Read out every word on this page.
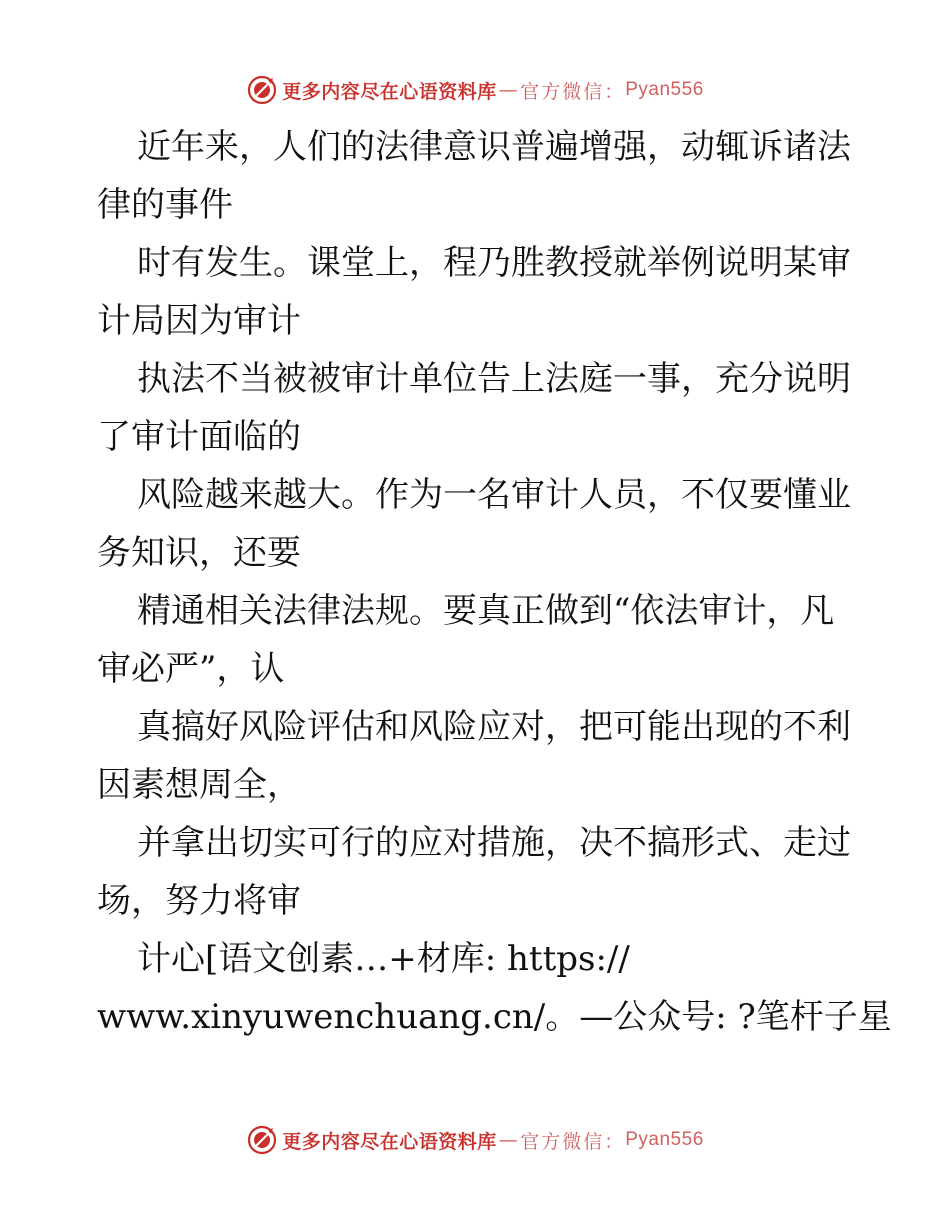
更多内容尽在心语资料库 — 官方微信： Pyan556

近年来，人们的法律意识普遍增强，动辄诉诸法
律的事件

时有发生。课堂上，程乃胜教授就举例说明某审
计局因为审计

执法不当被被审计单位告上法庭一事，充分说明
了审计面临的

风险越来越大。作为一名审计人员，不仅要懂业
务知识，还要

精通相关法律法规。要真正做到“依法审计，凡
审必严”，认

真搞好风险评估和风险应对，把可能出现的不利
因素想周全，

并拿出切实可行的应对措施，决不搞形式、走过
场，努力将审

计心[语文创素…+材库: https://
www.xinyuwenchuang.cn/。—公众号: ?笔杆子星

更多内容尽在心语资料库 — 官方微信： Pyan556
